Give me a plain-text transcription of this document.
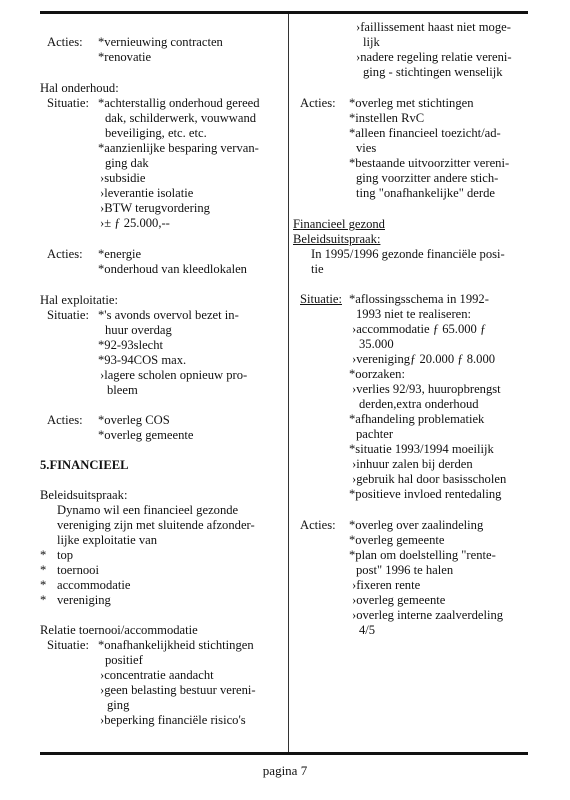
Acties: *vernieuwing contracten
*renovatie
Hal onderhoud:
Situatie: *achterstallig onderhoud gereed
dak, schilderwerk, vouwwand
beveiliging, etc. etc.
*aanzienlijke besparing vervan-
ging dak
›subsidie
›leverantie isolatie
›BTW terugvordering
›± ƒ 25.000,--
Acties: *energie
*onderhoud van kleedlokalen
Hal exploitatie:
Situatie: *'s avonds overvol bezet in-
huur overdag
*92-93slecht
*93-94COS max.
›lagere scholen opnieuw pro-
bleem
Acties: *overleg COS
*overleg gemeente
5.FINANCIEEL
Beleidsuitspraak:
Dynamo wil een financieel gezonde
vereniging zijn met sluitende afzonder-
lijke exploitatie van
* top
* toernooi
* accommodatie
* vereniging
Relatie toernooi/accommodatie
Situatie: *onafhankelijkheid stichtingen
positief
›concentratie aandacht
›geen belasting bestuur vereni-
ging
›beperking financiële risico's
›faillissement haast niet moge-
lijk
›nadere regeling relatie vereni-
ging - stichtingen wenselijk
Acties: *overleg met stichtingen
*instellen RvC
*alleen financieel toezicht/ad-
vies
*bestaande uitvoorzitter vereni-
ging voorzitter andere stich-
ting "onafhankelijke" derde
Financieel gezond
Beleidsuitspraak:
In 1995/1996 gezonde financiële posi-
tie
Situatie: *aflossingsschema in 1992-
1993 niet te realiseren:
›accommodatie ƒ 65.000 ƒ
35.000
›verenigingƒ 20.000 ƒ 8.000
*oorzaken:
›verlies 92/93, huuropbrengst
derden,extra onderhoud
*afhandeling problematiek
pachter
*situatie 1993/1994 moeilijk
›inhuur zalen bij derden
›gebruik hal door basisscholen
*positieve invloed rentedaling
Acties: *overleg over zaalindeling
*overleg gemeente
*plan om doelstelling "rente-
post" 1996 te halen
›fixeren rente
›overleg gemeente
›overleg interne zaalverdeling
4/5
pagina 7
